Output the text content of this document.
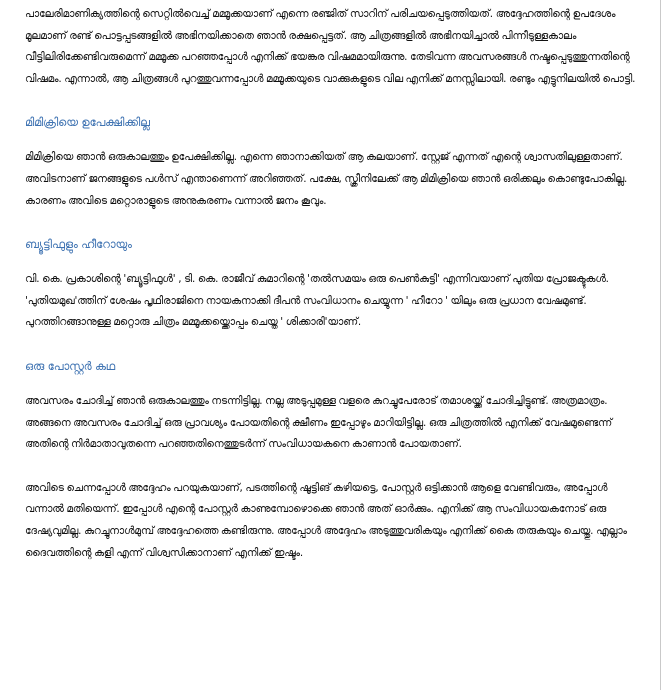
പാലേരിമാണിക്യത്തിന്റെ സെറ്റിൽവെച്ച് മമ്മൂക്കയാണ് എന്നെ രഞ്ജിത് സാറിന് പരിചയപ്പെടുത്തിയത്. അദ്ദേഹത്തിന്റെ ഉപദേശം മൂലമാണ് രണ്ട് പൊട്ടപ്പടങ്ങളിൽ അഭിനയിക്കാതെ ഞാൻ രക്ഷപ്പെട്ടത്. ആ ചിത്രങ്ങളിൽ അഭിനയിച്ചാൽ പിന്നീടുള്ളകാലം വീട്ടിലിരിക്കേണ്ടിവരുമെന്ന് മമ്മൂക്ക പറഞ്ഞപ്പോൾ എനിക്ക് ഭയങ്കര വിഷമമായിരുന്നു. തേടിവന്ന അവസരങ്ങൾ നഷ്ടപ്പെടുത്തുന്നതിന്റെ വിഷമം. എന്നാൽ, ആ ചിത്രങ്ങൾ പുറത്തുവന്നപ്പോൾ മമ്മൂക്കയുടെ വാക്കുകളുടെ വില എനിക്ക് മനസ്സിലായി. രണ്ടും എട്ടുനിലയിൽ പൊട്ടി.

മിമിക്രിയെ ഉപേക്ഷിക്കില്ല

മിമിക്രിയെ ഞാൻ ഒരുകാലത്തും ഉപേക്ഷിക്കില്ല. എന്നെ ഞാനാക്കിയത് ആ കലയാണ്. സ്റ്റേജ് എന്നത് എന്റെ ശ്വാസതിലുള്ളതാണ്. അവിടനാണ് ജനങ്ങളുടെ പൾസ് എന്താണെന്ന് അറിഞ്ഞത്. പക്ഷേ, സ്ക്രീനിലേക്ക് ആ മിമിക്രിയെ ഞാൻ ഒരിക്കലും കൊണ്ടുപോകില്ല. കാരണം അവിടെ മറ്റൊരാളുടെ അനുകരണം വന്നാൽ ജനം കൂവും.

ബ്യൂട്ടിഫുളും ഹീറോയും

വി. കെ. പ്രകാശിന്റെ 'ബ്യൂട്ടിഫുൾ' , ടി. കെ. രാജീവ് കുമാറിന്റെ 'തൽസമയം ഒരു പെൺകുട്ടി' എന്നിവയാണ് പുതിയ പ്രോജക്ടുകൾ. 'പുതിയമുഖ'ത്തിന് ശേഷം പൃഥിരാജിനെ നായകനാക്കി ദീപൻ സംവിധാനം ചെയ്യുന്ന ' ഹീറോ ' യിലും ഒരു പ്രധാന വേഷമുണ്ട്. പുറത്തിറങ്ങാനുള്ള മറ്റൊരു ചിത്രം മമ്മൂക്കയ്ക്കൊപ്പം ചെയ്ത ' ശിക്കാരി'യാണ്.

ഒരു പോസ്റ്റർ കഥ

അവസരം ചോദിച്ച് ഞാൻ ഒരുകാലത്തും നടന്നിട്ടില്ല. നല്ല അടുപ്പമുള്ള വളരെ കുറച്ചുപേരോട് തമാശയ്ക്ക് ചോദിച്ചിട്ടുണ്ട്. അത്രമാത്രം. അങ്ങനെ അവസരം ചോദിച്ച് ഒരു പ്രാവശ്യം പോയതിന്റെ ക്ഷീണം ഇപ്പോഴും മാറിയിട്ടില്ല. ഒരു ചിത്രത്തിൽ എനിക്ക് വേഷമുണ്ടെന്ന് അതിന്റെ നിർമാതാവുതന്നെ പറഞ്ഞതിനെത്തുടർന്ന് സംവിധായകനെ കാണാൻ പോയതാണ്.

അവിടെ ചെന്നപ്പോൾ അദ്ദേഹം പറയുകയാണ്, പടത്തിന്റെ ഷൂട്ടിങ് കഴിയട്ടെ, പോസ്റ്റർ ഒട്ടിക്കാൻ ആളെ വേണ്ടിവരും, അപ്പോൾ വന്നാൽ മതിയെന്ന്. ഇപ്പോൾ എന്റെ പോസ്റ്റർ കാണുമ്പോഴൊക്കെ ഞാൻ അത് ഓർക്കും. എനിക്ക് ആ സംവിധായകനോട് ഒരു ദേഷ്യവുമില്ല. കുറച്ചുനാൾമുമ്പ് അദ്ദേഹത്തെ കണ്ടിരുന്നു. അപ്പോൾ അദ്ദേഹം അടുത്തുവരികയും എനിക്ക് കൈ തരുകയും ചെയ്തു. എല്ലാം ദൈവത്തിന്റെ കളി എന്ന് വിശ്വസിക്കാനാണ് എനിക്ക് ഇഷ്ടം.
